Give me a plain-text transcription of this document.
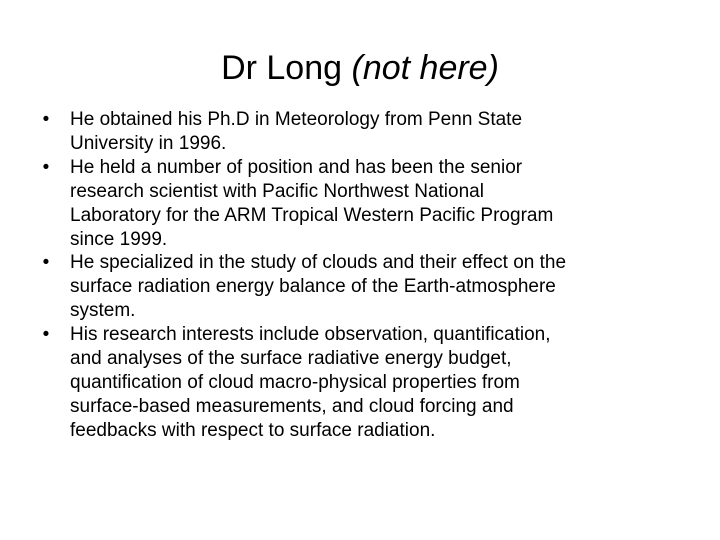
Dr Long (not here)
•	He obtained his Ph.D in Meteorology from Penn State
University in 1996.
•	He held a number of position and has been the senior
research scientist with Pacific Northwest National
Laboratory for the ARM Tropical Western Pacific Program
since 1999.
•	He specialized in the study of clouds and their effect on the
surface radiation energy balance of the Earth-atmosphere
system.
•	His research interests include observation, quantification,
and analyses of the surface radiative energy budget,
quantification of cloud macro-physical properties from
surface-based measurements, and cloud forcing and
feedbacks with respect to surface radiation.
